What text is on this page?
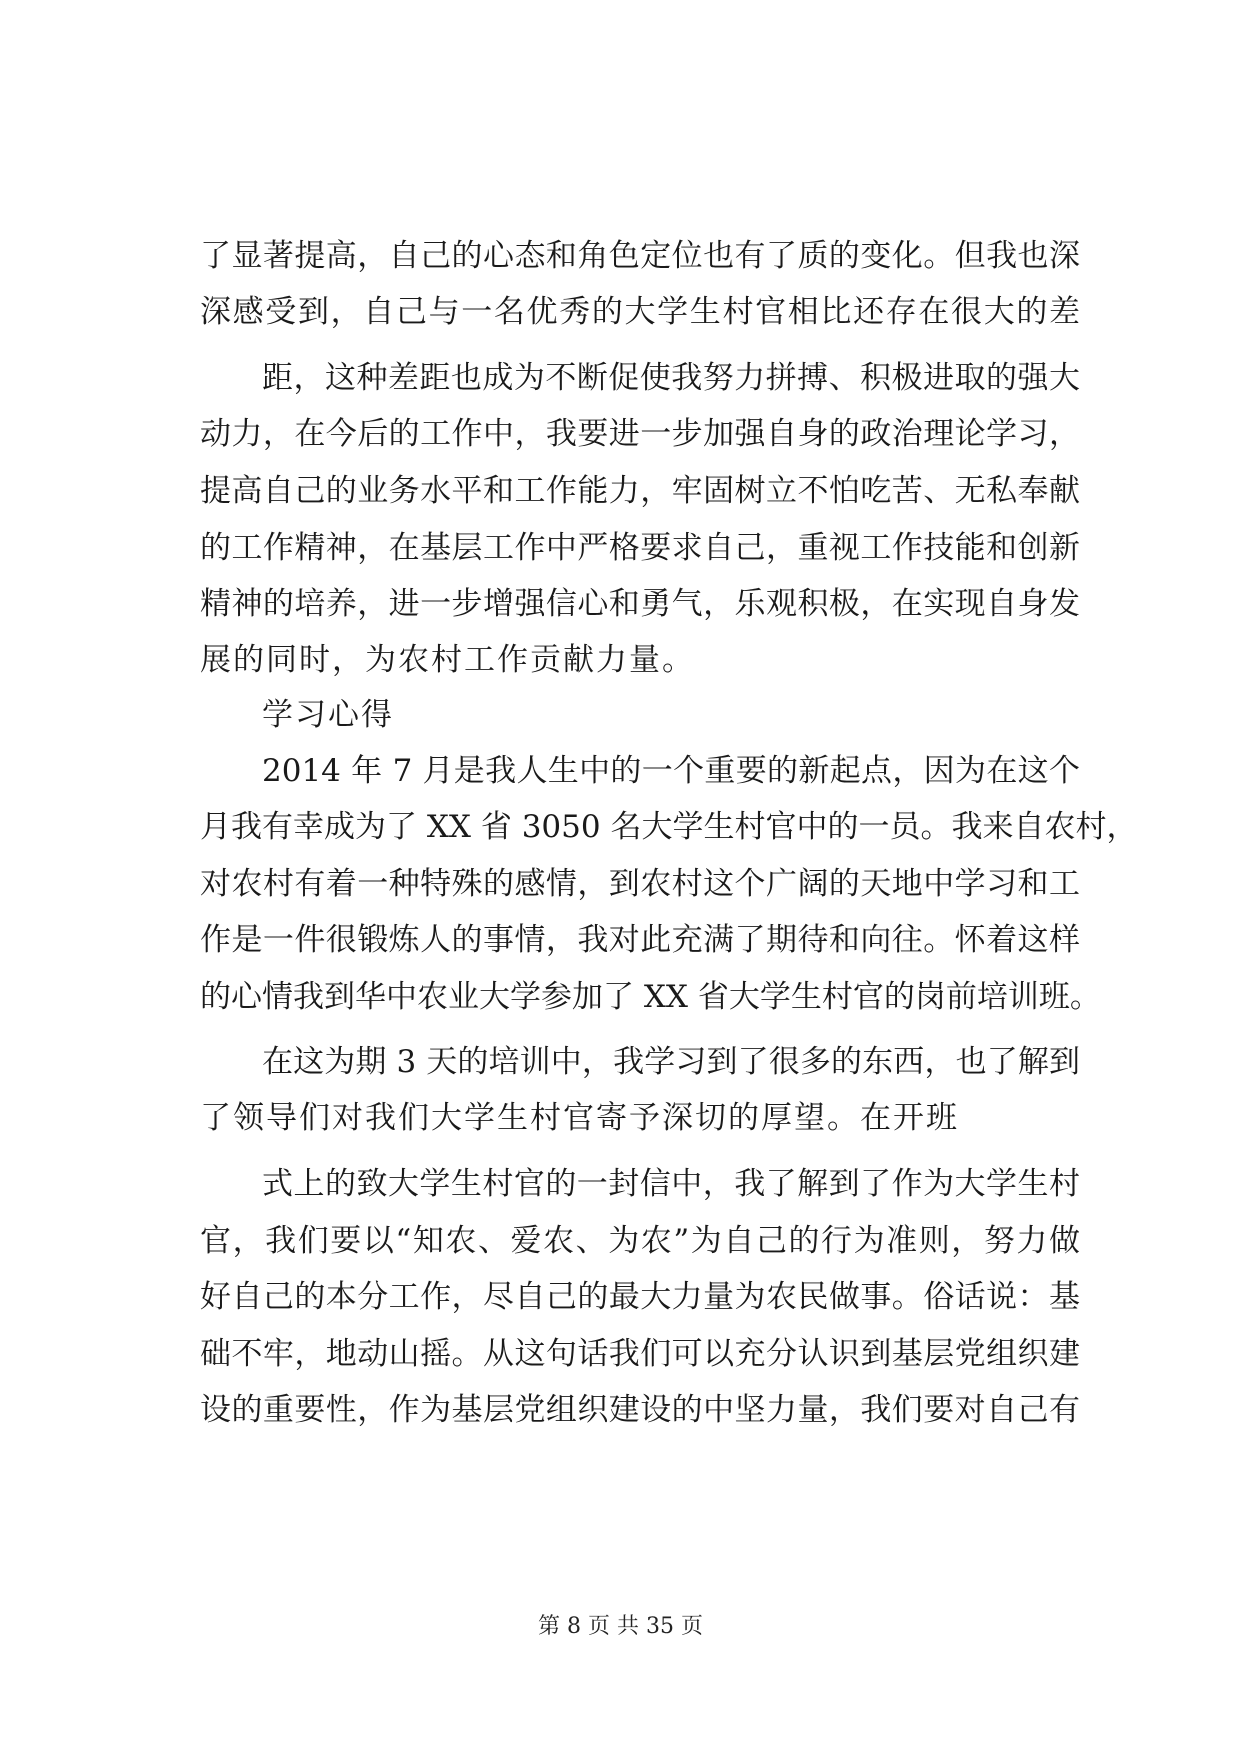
了显著提高，自己的心态和角色定位也有了质的变化。但我也深
深感受到，自己与一名优秀的大学生村官相比还存在很大的差
距，这种差距也成为不断促使我努力拼搏、积极进取的强大
动力，在今后的工作中，我要进一步加强自身的政治理论学习，
提高自己的业务水平和工作能力，牢固树立不怕吃苦、无私奉献
的工作精神，在基层工作中严格要求自己，重视工作技能和创新
精神的培养，进一步增强信心和勇气，乐观积极，在实现自身发
展的同时，为农村工作贡献力量。
学习心得
2014 年 7 月是我人生中的一个重要的新起点，因为在这个
月我有幸成为了 XX 省 3050 名大学生村官中的一员。我来自农村，
对农村有着一种特殊的感情，到农村这个广阔的天地中学习和工
作是一件很锻炼人的事情，我对此充满了期待和向往。怀着这样
的心情我到华中农业大学参加了 XX 省大学生村官的岗前培训班。
在这为期 3 天的培训中，我学习到了很多的东西，也了解到
了领导们对我们大学生村官寄予深切的厚望。在开班
式上的致大学生村官的一封信中，我了解到了作为大学生村
官，我们要以“知农、爱农、为农”为自己的行为准则，努力做
好自己的本分工作，尽自己的最大力量为农民做事。俗话说：基
础不牢，地动山摇。从这句话我们可以充分认识到基层党组织建
设的重要性，作为基层党组织建设的中坚力量，我们要对自己有
第 8 页 共 35 页
